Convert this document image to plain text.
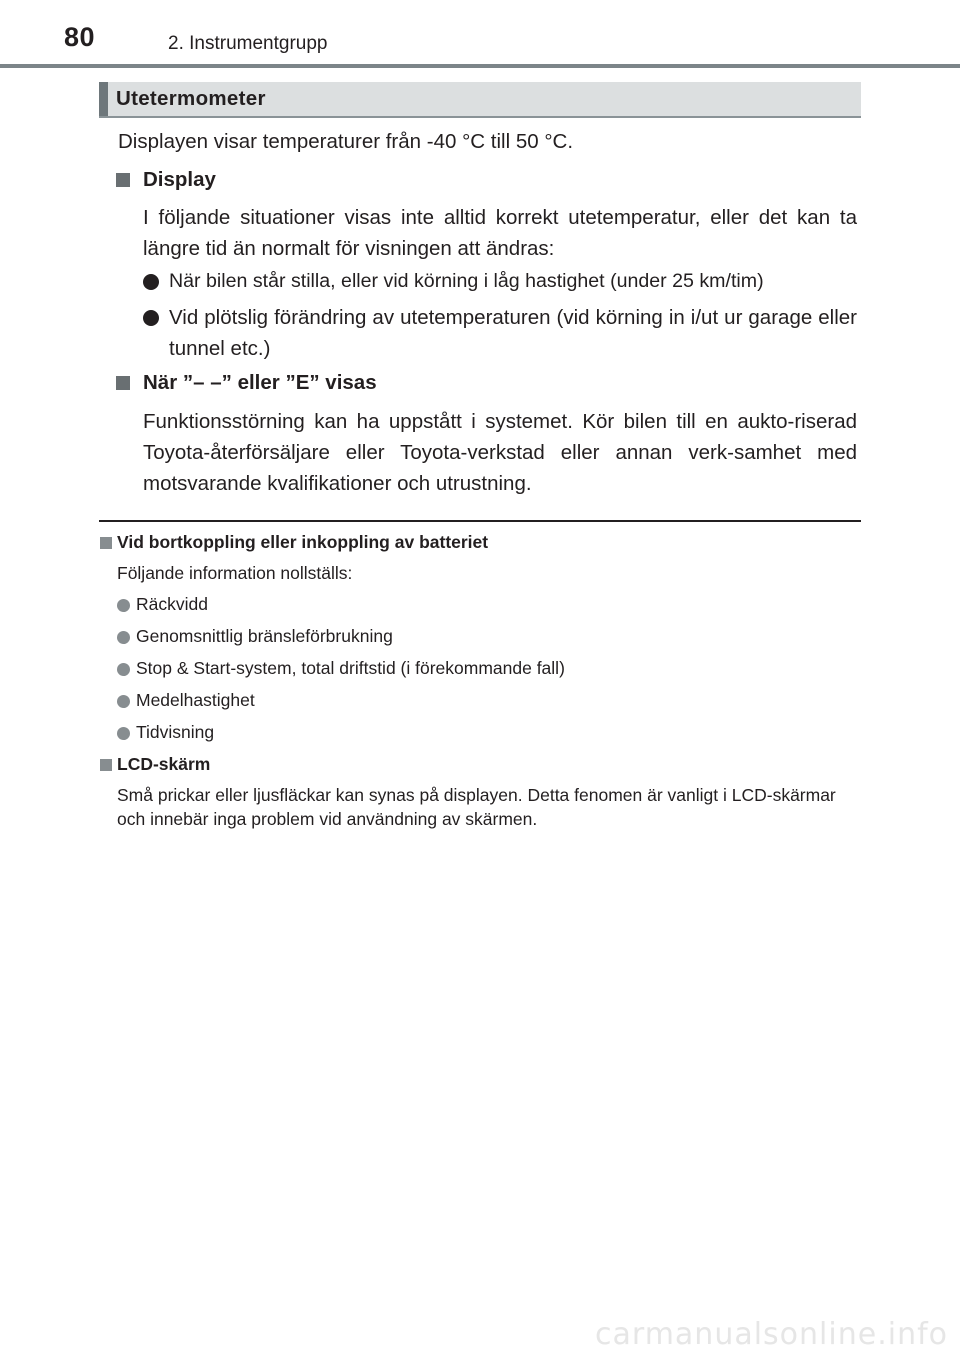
80	2. Instrumentgrupp
Utetermometer
Displayen visar temperaturer från -40 °C till 50 °C.
Display
I följande situationer visas inte alltid korrekt utetemperatur, eller det kan ta längre tid än normalt för visningen att ändras:
När bilen står stilla, eller vid körning i låg hastighet (under 25 km/tim)
Vid plötslig förändring av utetemperaturen (vid körning in i/ut ur garage eller tunnel etc.)
När ”– –” eller ”E” visas
Funktionsstörning kan ha uppstått i systemet. Kör bilen till en aukto-riserad Toyota-återförsäljare eller Toyota-verkstad eller annan verk-samhet med motsvarande kvalifikationer och utrustning.
Vid bortkoppling eller inkoppling av batteriet
Följande information nollställs:
Räckvidd
Genomsnittlig bränsleförbrukning
Stop & Start-system, total driftstid (i förekommande fall)
Medelhastighet
Tidvisning
LCD-skärm
Små prickar eller ljusfläckar kan synas på displayen. Detta fenomen är vanligt i LCD-skärmar och innebär inga problem vid användning av skärmen.
carmanualsonline.info
